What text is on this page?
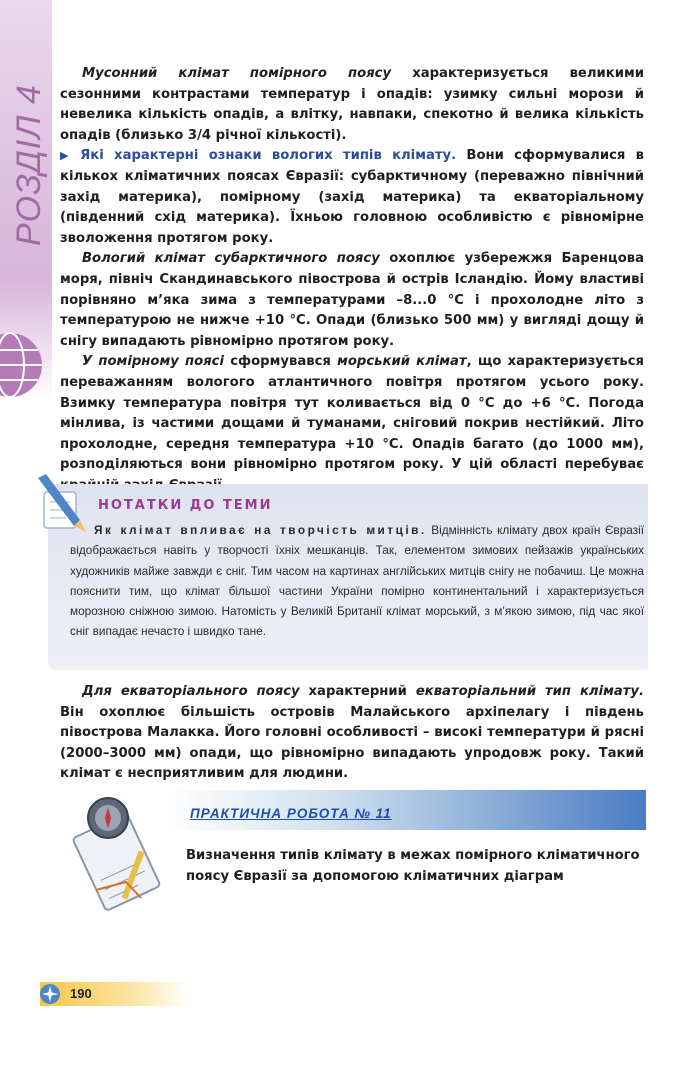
РОЗДІЛ 4

Мусонний клімат помірного поясу характеризується великими сезонними контрастами температур і опадів: узимку сильні морози й невелика кількість опадів, а влітку, навпаки, спекотно й велика кількість опадів (близько 3/4 річної кількості).

▶ Які характерні ознаки вологих типів клімату. Вони сформувалися в кількох кліматичних поясах Євразії: субарктичному (переважно північний захід материка), помірному (захід материка) та екваторіальному (південний схід материка). Їхньою головною особливістю є рівномірне зволоження протягом року.

Вологий клімат субарктичного поясу охоплює узбережжя Баренцова моря, північ Скандинавського півострова й острів Ісландію. Йому властиві порівняно м’яка зима з температурами –8...0 °С і прохолодне літо з температурою не нижче +10 °С. Опади (близько 500 мм) у вигляді дощу й снігу випадають рівномірно протягом року.

У помірному поясі сформувався морський клімат, що характеризується переважанням вологого атлантичного повітря протягом усього року. Взимку температура повітря тут коливається від 0 °С до +6 °С. Погода мінлива, із частими дощами й туманами, сніговий покрив нестійкий. Літо прохолодне, середня температура +10 °С. Опадів багато (до 1000 мм), розподіляються вони рівномірно протягом року. У цій області перебуває

НОТАТКИ ДО ТЕМИ

Як клімат впливає на творчість митців. Відмінність клімату двох країн Євразії відображається навіть у творчості їхніх мешканців. Так, елементом зимових пейзажів українських художників майже завжди є сніг. Тим часом на картинах англійських митців снігу не побачиш. Це можна пояснити тим, що клімат більшої частини України помірно континентальний і характеризується морозною сніжною зимою. Натомість у Великій Британії клімат морський, з м’якою зимою, під час якої сніг випадає нечасто і швидко тане.

Для екваторіального поясу характерний екваторіальний тип клімату. Він охоплює більшість островів Малайського архіпелагу і південь півострова Малакка. Його головні особливості – високі температури й рясні (2000–3000 мм) опади, що рівномірно випадають упродовж року. Такий клімат є несприятливим для людини.

ПРАКТИЧНА РОБОТА № 11
Визначення типів клімату в межах помірного кліматичного поясу Євразії за допомогою кліматичних діаграм
190
